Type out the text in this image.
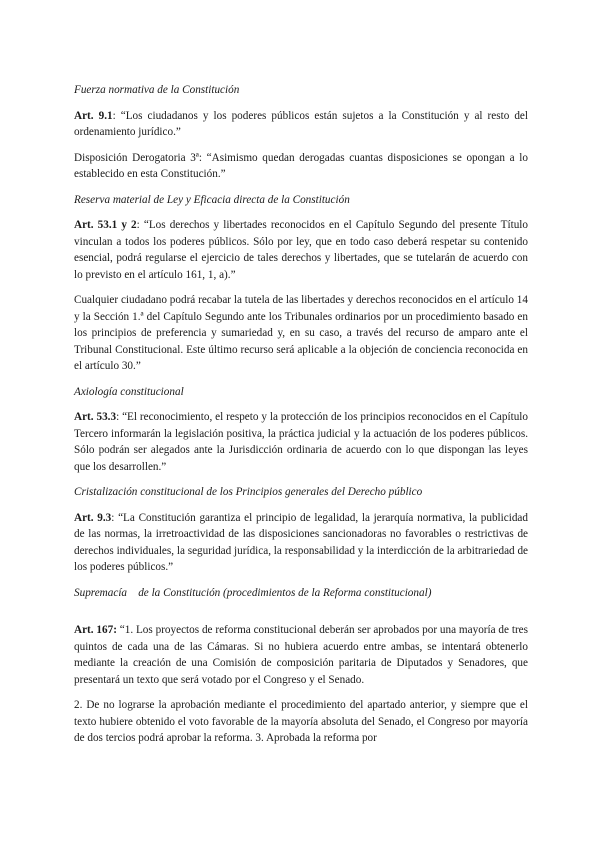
Fuerza normativa de la Constitución

Art. 9.1: “Los ciudadanos y los poderes públicos están sujetos a la Constitución y al resto del ordenamiento jurídico.”

Disposición Derogatoria 3ª: “Asimismo quedan derogadas cuantas disposiciones se opongan a lo establecido en esta Constitución.”

Reserva material de Ley y Eficacia directa de la Constitución

Art. 53.1 y 2: “Los derechos y libertades reconocidos en el Capítulo Segundo del presente Título vinculan a todos los poderes públicos. Sólo por ley, que en todo caso deberá respetar su contenido esencial, podrá regularse el ejercicio de tales derechos y libertades, que se tutelarán de acuerdo con lo previsto en el artículo 161, 1, a).”

Cualquier ciudadano podrá recabar la tutela de las libertades y derechos reconocidos en el artículo 14 y la Sección 1.ª del Capítulo Segundo ante los Tribunales ordinarios por un procedimiento basado en los principios de preferencia y sumariedad y, en su caso, a través del recurso de amparo ante el Tribunal Constitucional. Este último recurso será aplicable a la objeción de conciencia reconocida en el artículo 30.”

Axiología constitucional

Art. 53.3: “El reconocimiento, el respeto y la protección de los principios reconocidos en el Capítulo Tercero informarán la legislación positiva, la práctica judicial y la actuación de los poderes públicos. Sólo podrán ser alegados ante la Jurisdicción ordinaria de acuerdo con lo que dispongan las leyes que los desarrollen.”

Cristalización constitucional de los Principios generales del Derecho público

Art. 9.3: “La Constitución garantiza el principio de legalidad, la jerarquía normativa, la publicidad de las normas, la irretroactividad de las disposiciones sancionadoras no favorables o restrictivas de derechos individuales, la seguridad jurídica, la responsabilidad y la interdicción de la arbitrariedad de los poderes públicos.”

Supremacía    de la Constitución (procedimientos de la Reforma constitucional)

Art. 167: “1. Los proyectos de reforma constitucional deberán ser aprobados por una mayoría de tres quintos de cada una de las Cámaras. Si no hubiera acuerdo entre ambas, se intentará obtenerlo mediante la creación de una Comisión de composición paritaria de Diputados y Senadores, que presentará un texto que será votado por el Congreso y el Senado.

2. De no lograrse la aprobación mediante el procedimiento del apartado anterior, y siempre que el texto hubiere obtenido el voto favorable de la mayoría absoluta del Senado, el Congreso por mayoría de dos tercios podrá aprobar la reforma. 3. Aprobada la reforma por
